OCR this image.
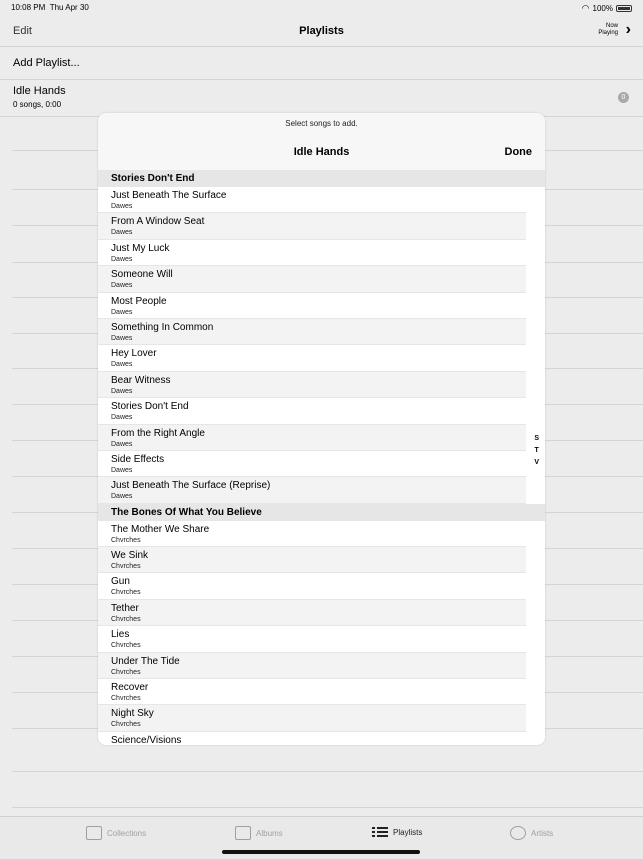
10:08 PM Thu Apr 30	◠ 100%
Edit	Playlists	Now
Playing ›
Add Playlist...
Idle Hands
0 songs, 0:00
0
Collections	Albums	Playlists	Artists
Select songs to add.
Idle Hands	Done
Stories Don't End
Just Beneath The Surface
Dawes
From A Window Seat
Dawes
Just My Luck
Dawes
Someone Will
Dawes
Most People
Dawes
Something In Common
Dawes
Hey Lover
Dawes
Bear Witness
Dawes
Stories Don't End
Dawes
From the Right Angle
Dawes
Side Effects
Dawes
Just Beneath The Surface (Reprise)
Dawes
The Bones Of What You Believe
The Mother We Share
Chvrches
We Sink
Chvrches
Gun
Chvrches
Tether
Chvrches
Lies
Chvrches
Under The Tide
Chvrches
Recover
Chvrches
Night Sky
Chvrches
Science/Visions
S
T
V
